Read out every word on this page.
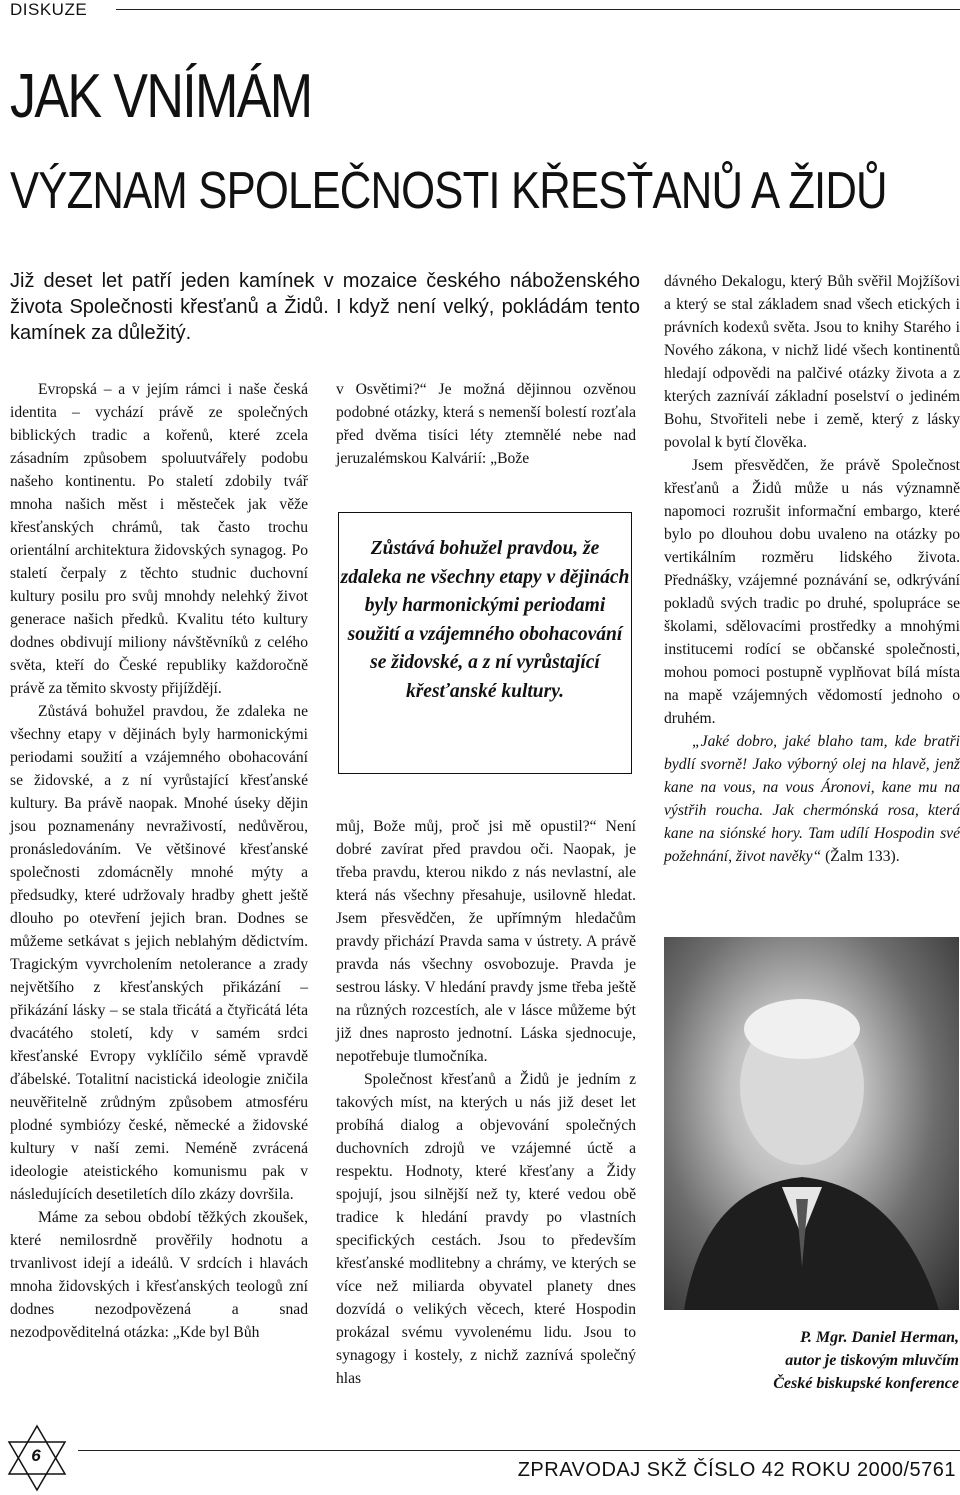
DISKUZE
JAK VNÍMÁM
VÝZNAM SPOLEČNOSTI KŘESŤANŮ A ŽIDŮ

Již deset let patří jeden kamínek v mozaice českého náboženského života Společnosti křesťanů a Židů. I když není velký, pokládám tento kamínek za důležitý.

Evropská – a v jejím rámci i naše česká identita – vychází právě ze společných biblických tradic a kořenů, které zcela zásadním způsobem spoluutvářely podobu našeho kontinentu. Po staletí zdobily tvář mnoha našich měst i městeček jak věže křesťanských chrámů, tak často trochu orientální architektura židovských synagog. Po staletí čerpaly z těchto studnic duchovní kultury posilu pro svůj mnohdy nelehký život generace našich předků. Kvalitu této kultury dodnes obdivují miliony návštěvníků z celého světa, kteří do České republiky každoročně právě za těmito skvosty přijíždějí.

Zůstává bohužel pravdou, že zdaleka ne všechny etapy v dějinách byly harmonickými periodami soužití a vzájemného obohacování se židovské, a z ní vyrůstající křesťanské kultury. Ba právě naopak. Mnohé úseky dějin jsou poznamenány nevraživostí, nedůvěrou, pronásledováním. Ve většinové křesťanské společnosti zdomácněly mnohé mýty a předsudky, které udržovaly hradby ghett ještě dlouho po otevření jejich bran. Dodnes se můžeme setkávat s jejich neblahým dědictvím. Tragickým vyvrcholením netolerance a zrady největšího z křesťanských přikázání – přikázání lásky – se stala třicátá a čtyřicátá léta dvacátého století, kdy v samém srdci křesťanské Evropy vyklíčilo sémě vpravdě ďábelské. Totalitní nacistická ideologie zničila neuvěřitelně zrůdným způsobem atmosféru plodné symbiózy české, německé a židovské kultury v naší zemi. Neméně zvrácená ideologie ateistického komunismu pak v následujících desetiletích dílo zkázy dovršila.

Máme za sebou období těžkých zkoušek, které nemilosrdně prověřily hodnotu a trvanlivost idejí a ideálů. V srdcích i hlavách mnoha židovských i křesťanských teologů zní dodnes nezodpovězená a snad nezodpověditelná otázka: „Kde byl Bůh

v Osvětimi?“ Je možná dějinnou ozvěnou podobné otázky, která s nemenší bolestí rozťala před dvěma tisíci léty ztemnělé nebe nad jeruzalémskou Kalvárií: „Bože

Zůstává bohužel pravdou, že zdaleka ne všechny etapy v dějinách byly harmonickými periodami soužití a vzájemného obohacování se židovské, a z ní vyrůstající křesťanské kultury.

můj, Bože můj, proč jsi mě opustil?“ Není dobré zavírat před pravdou oči. Naopak, je třeba pravdu, kterou nikdo z nás nevlastní, ale která nás všechny přesahuje, usilovně hledat. Jsem přesvědčen, že upřímným hledačům pravdy přichází Pravda sama v ústrety. A právě pravda nás všechny osvobozuje. Pravda je sestrou lásky. V hledání pravdy jsme třeba ještě na různých rozcestích, ale v lásce můžeme být již dnes naprosto jednotní. Láska sjednocuje, nepotřebuje tlumočníka.

Společnost křesťanů a Židů je jedním z takových míst, na kterých u nás již deset let probíhá dialog a objevování společných duchovních zdrojů ve vzájemné úctě a respektu. Hodnoty, které křesťany a Židy spojují, jsou silnější než ty, které vedou obě tradice k hledání pravdy po vlastních specifických cestách. Jsou to především křesťanské modlitebny a chrámy, ve kterých se více než miliarda obyvatel planety dnes dozvídá o velikých věcech, které Hospodin prokázal svému vyvolenému lidu. Jsou to synagogy i kostely, z nichž zaznívá společný hlas

dávného Dekalogu, který Bůh svěřil Mojžíšovi a který se stal základem snad všech etických i právních kodexů světa. Jsou to knihy Starého i Nového zákona, v nichž lidé všech kontinentů hledají odpovědi na palčivé otázky života a z kterých zazníváí základní poselství o jediném Bohu, Stvořiteli nebe i země, který z lásky povolal k bytí člověka.

Jsem přesvědčen, že právě Společnost křesťanů a Židů může u nás významně napomoci rozrušit informační embargo, které bylo po dlouhou dobu uvaleno na otázky po vertikálním rozměru lidského života. Přednášky, vzájemné poznávání se, odkrývání pokladů svých tradic po druhé, spolupráce se školami, sdělovacími prostředky a mnohými institucemi rodící se občanské společnosti, mohou pomoci postupně vyplňovat bílá místa na mapě vzájemných vědomostí jednoho o druhém.

„Jaké dobro, jaké blaho tam, kde bratři bydlí svorně! Jako výborný olej na hlavě, jenž kane na vous, na vous Áronovi, kane mu na výstřih roucha. Jak chermónská rosa, která kane na siónské hory. Tam udílí Hospodin své požehnání, život navěky“ (Žalm 133).

P. Mgr. Daniel Herman,
autor je tiskovým mluvčím
České biskupské konference

6
ZPRAVODAJ SKŽ ČÍSLO 42 ROKU 2000/5761
